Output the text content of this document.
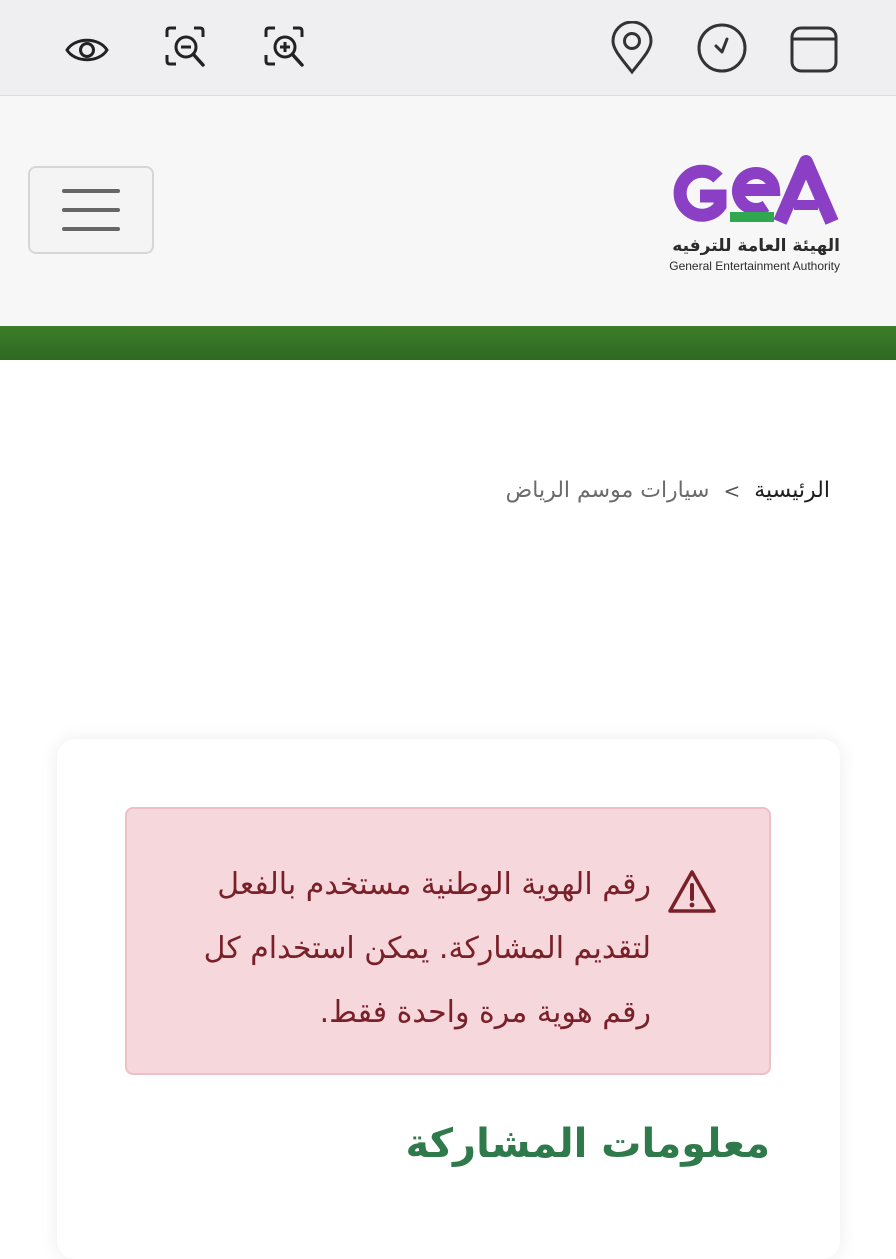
الهيئة العامة للترفيه
General Entertainment Authority
الرئيسية
>
سيارات موسم الرياض
رقم الهوية الوطنية مستخدم بالفعل لتقديم المشاركة. يمكن استخدام كل رقم هوية مرة واحدة فقط.
معلومات المشاركة
